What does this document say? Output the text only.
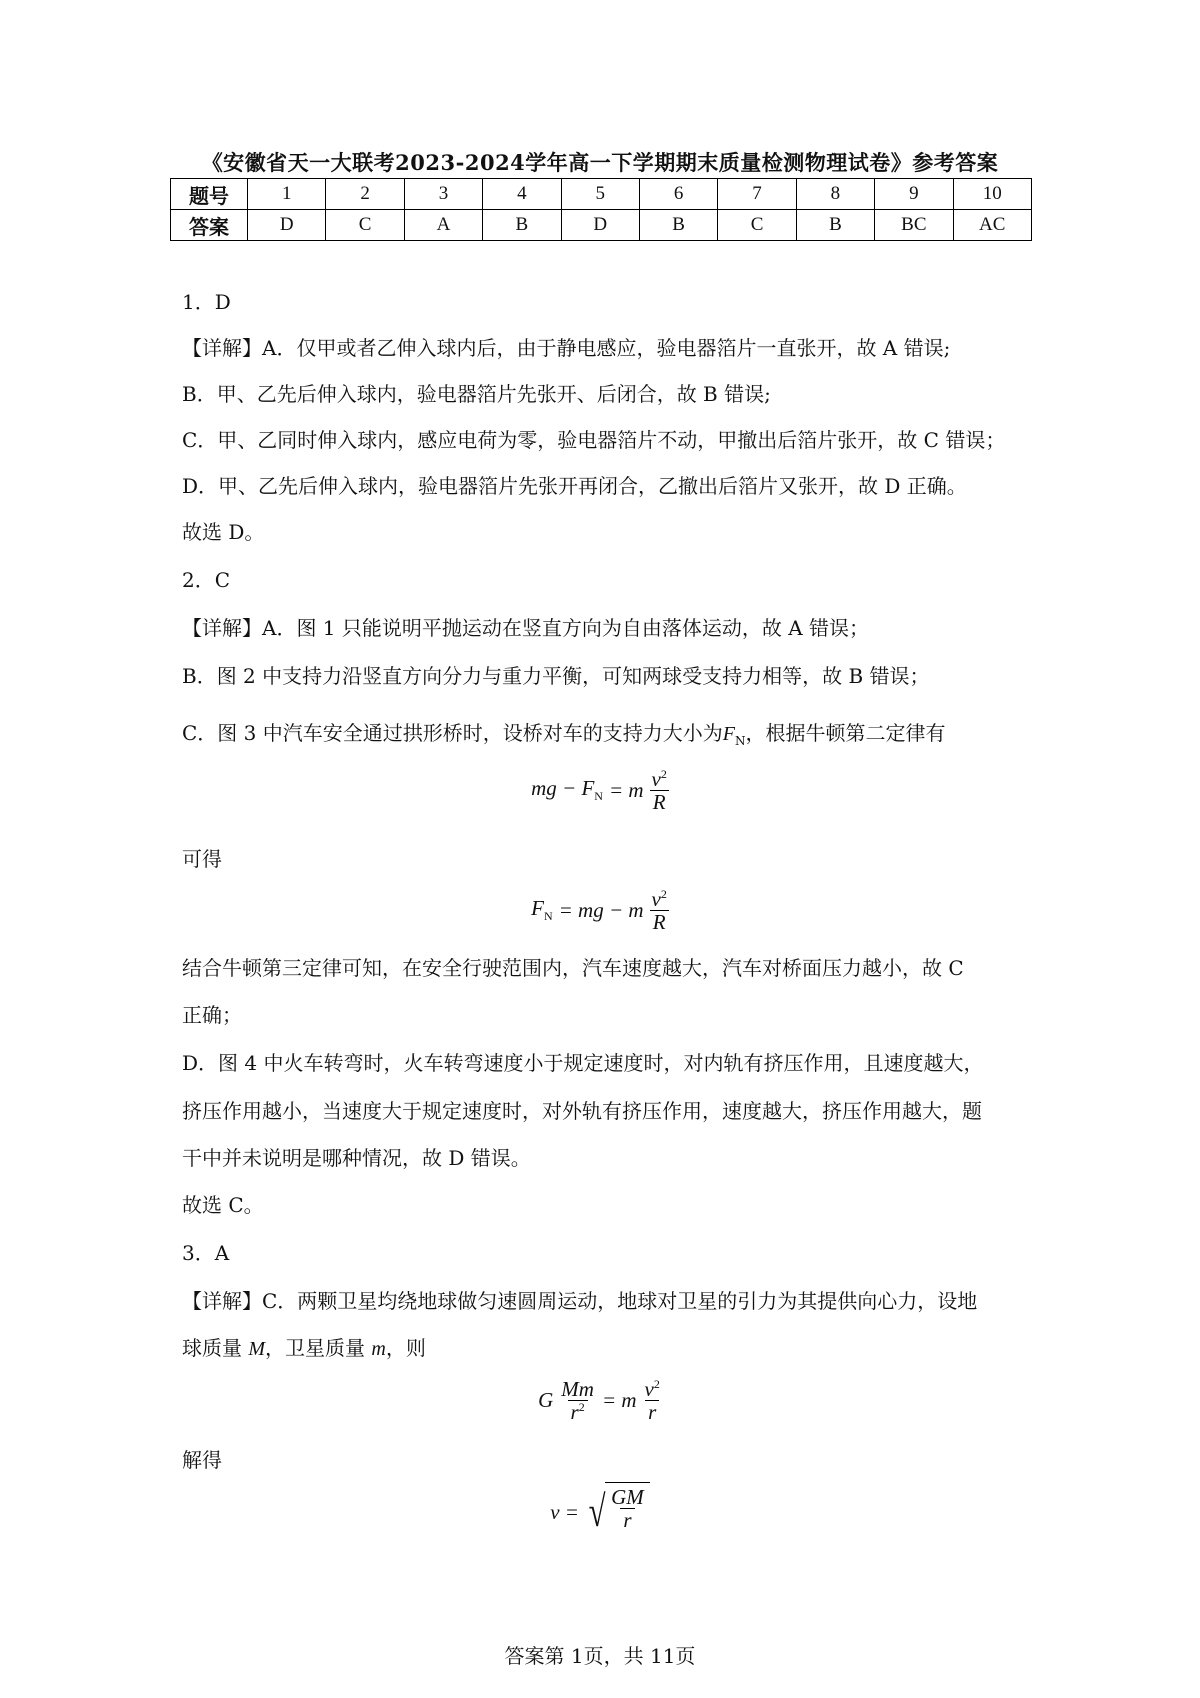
《安徽省天一大联考2023-2024学年高一下学期期末质量检测物理试卷》参考答案
题号	1	2	3	4	5	6	7	8	9	10
答案	D	C	A	B	D	B	C	B	BC	AC
1．D
【详解】A．仅甲或者乙伸入球内后，由于静电感应，验电器箔片一直张开，故 A 错误;
B．甲、乙先后伸入球内，验电器箔片先张开、后闭合，故 B 错误;
C．甲、乙同时伸入球内，感应电荷为零，验电器箔片不动，甲撤出后箔片张开，故 C 错误；
D．甲、乙先后伸入球内，验电器箔片先张开再闭合，乙撤出后箔片又张开，故 D 正确。
故选 D。
2．C
【详解】A．图 1 只能说明平抛运动在竖直方向为自由落体运动，故 A 错误；
B．图 2 中支持力沿竖直方向分力与重力平衡，可知两球受支持力相等，故 B 错误；
C．图 3 中汽车安全通过拱形桥时，设桥对车的支持力大小为$F_N$，根据牛顿第二定律有
mg − $F_N = m \frac{v^2}{R}$
可得
$F_N$ = mg − m $\frac{v^2}{R}$
结合牛顿第三定律可知，在安全行驶范围内，汽车速度越大，汽车对桥面压力越小，故 C
正确；
D．图 4 中火车转弯时，火车转弯速度小于规定速度时，对内轨有挤压作用，且速度越大，
挤压作用越小，当速度大于规定速度时，对外轨有挤压作用，速度越大，挤压作用越大，题
干中并未说明是哪种情况，故 D 错误。
故选 C。
3．A
【详解】C．两颗卫星均绕地球做匀速圆周运动，地球对卫星的引力为其提供向心力，设地
球质量 M，卫星质量 m，则
G $\frac{Mm}{r^2} = m \frac{v^2}{r}$
解得
v = √ $\frac{GM}{r}$
答案第 1页，共 11页
